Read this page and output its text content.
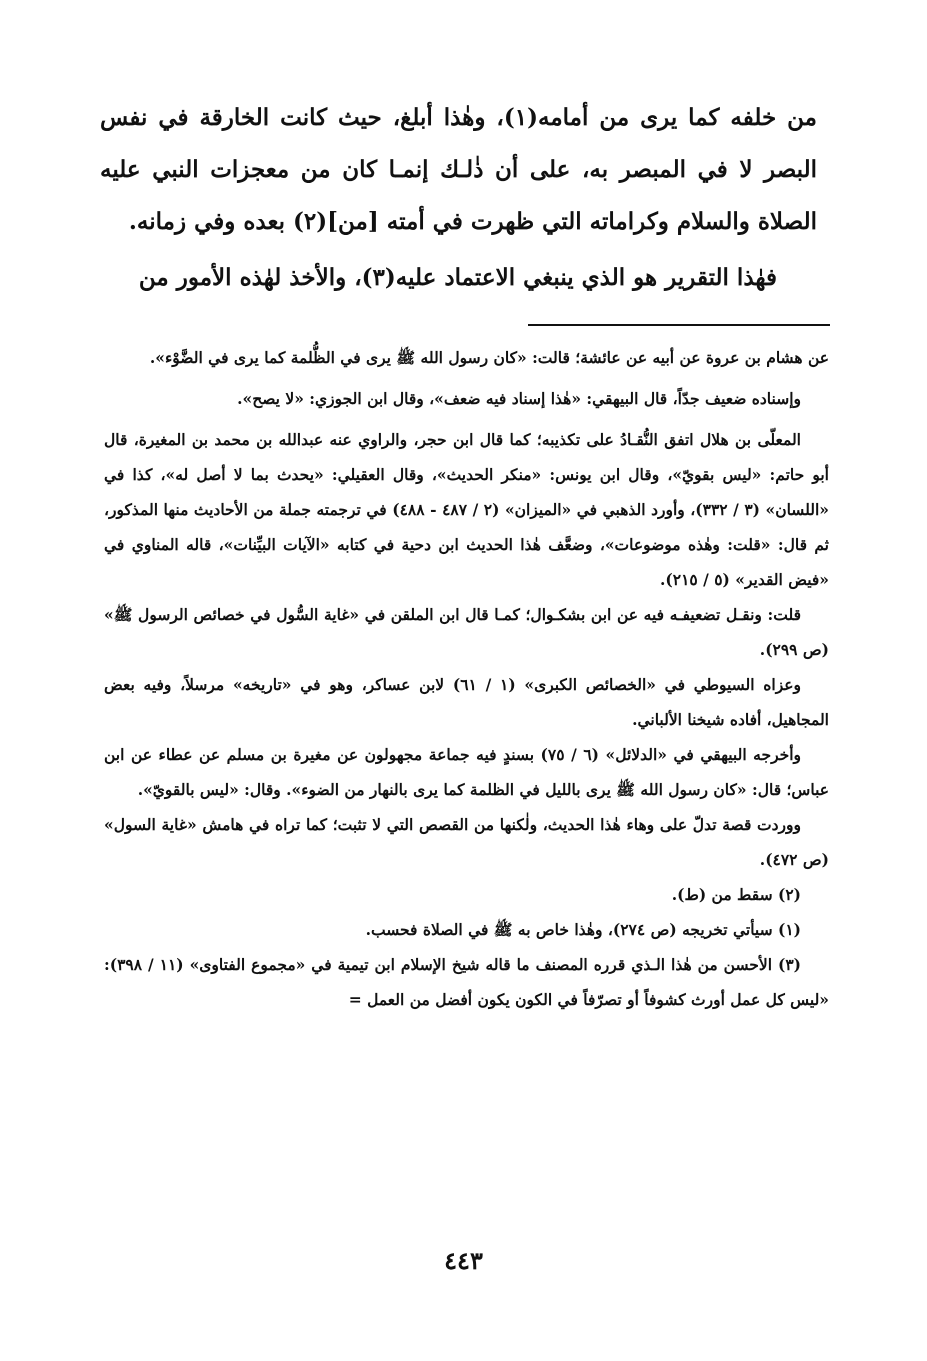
من خلفه كما يرى من أمامه(١)، وهٰذا أبلغ، حيث كانت الخارقة في نفس البصر لا في المبصر به، على أن ذٰلـك إنمـا كان من معجزات النبي عليه الصلاة والسلام وكراماته التي ظهرت في أمته [من](٢) بعده وفي زمانه.

فهٰذا التقرير هو الذي ينبغي الاعتماد عليه(٣)، والأخذ لهٰذه الأمور من

عن هشام بن عروة عن أبيه عن عائشة؛ قالت: «كان رسول الله ﷺ يرى في الظُّلمة كما يرى في الضَّوْء».

وإسناده ضعيف جدّاً، قال البيهقي: «هٰذا إسناد فيه ضعف»، وقال ابن الجوزي: «لا يصح».

المعلّى بن هلال اتفق النُّقـادُ على تكذيبه؛ كما قال ابن حجر، والراوي عنه عبدالله بن محمد بن المغيرة، قال أبو حاتم: «ليس بقويّ»، وقال ابن يونس: «منكر الحديث»، وقال العقيلي: «يحدث بما لا أصل له»، كذا في «اللسان» (٣ / ٣٣٢)، وأورد الذهبي في «الميزان» (٢ / ٤٨٧ - ٤٨٨) في ترجمته جملة من الأحاديث منها المذكور، ثم قال: «قلت: وهٰذه موضوعات»، وضعَّف هٰذا الحديث ابن دحية في كتابه «الآيات البيِّنات»، قاله المناوي في «فيض القدير» (٥ / ٢١٥).

قلت: ونقـل تضعيفـه فيه عن ابن بشكـوال؛ كمـا قال ابن الملقن في «غاية السُّول في خصائص الرسول ﷺ» (ص ٢٩٩).

وعزاه السيوطي في «الخصائص الكبرى» (١ / ٦١) لابن عساكر، وهو في «تاريخه» مرسلاً، وفيه بعض المجاهيل، أفاده شيخنا الألباني.

وأخرجه البيهقي في «الدلائل» (٦ / ٧٥) بسندٍ فيه جماعة مجهولون عن مغيرة بن مسلم عن عطاء عن ابن عباس؛ قال: «كان رسول الله ﷺ يرى بالليل في الظلمة كما يرى بالنهار من الضوء». وقال: «ليس بالقويّ».

ووردت قصة تدلّ على وهاء هٰذا الحديث، ولٰكنها من القصص التي لا تثبت؛ كما تراه في هامش «غاية السول» (ص ٤٧٢).

(٢) سقط من (ط).

(١) سيأتي تخريجه (ص ٢٧٤)، وهٰذا خاص به ﷺ في الصلاة فحسب.

(٣) الأحسن من هٰذا الـذي قرره المصنف ما قاله شيخ الإسلام ابن تيمية في «مجموع الفتاوى» (١١ / ٣٩٨): «ليس كل عمل أورث كشوفاً أو تصرّفاً في الكون يكون أفضل من العمل =

٤٤٣
